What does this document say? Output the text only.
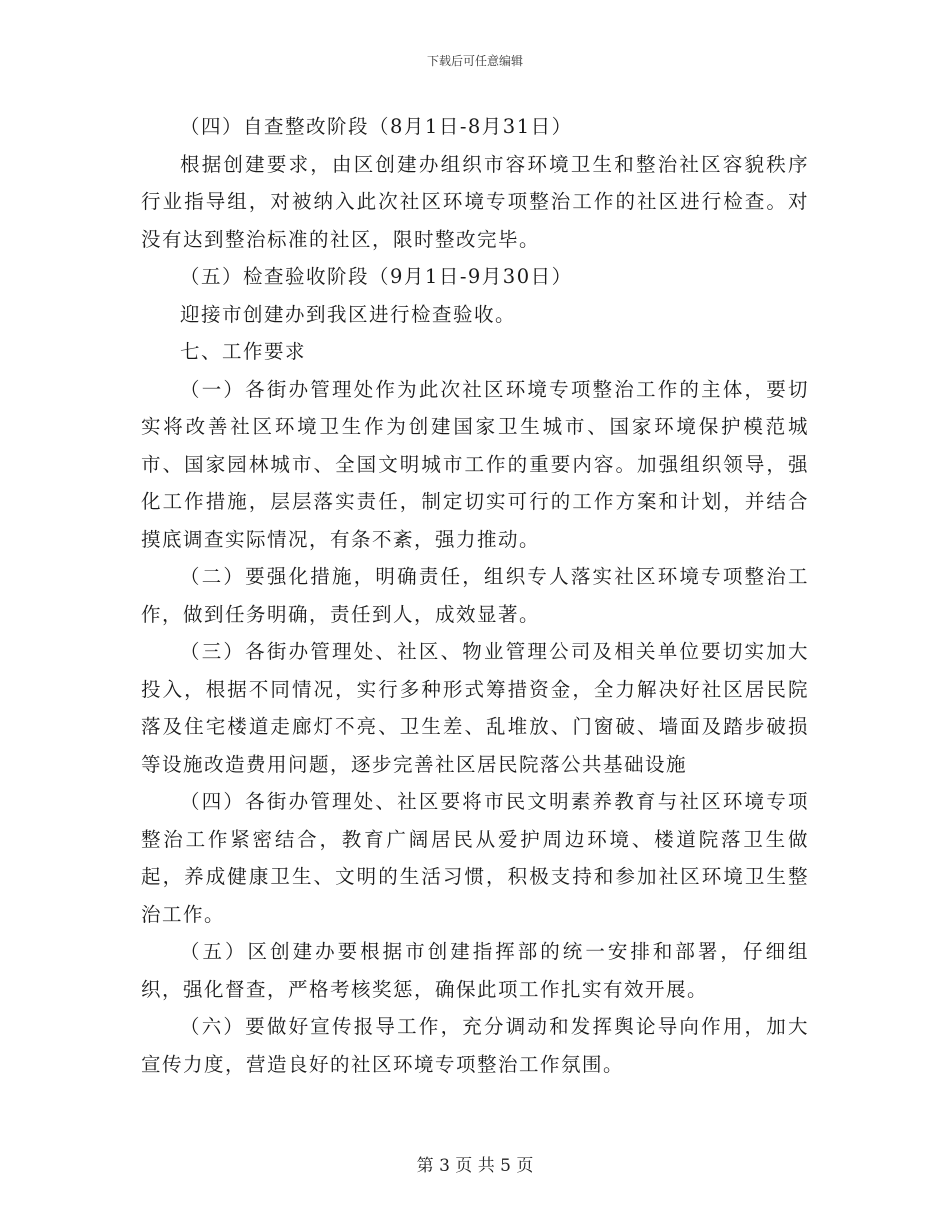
下载后可任意编辑

（四）自查整改阶段（8月1日-8月31日）

根据创建要求，由区创建办组织市容环境卫生和整治社区容貌秩序行业指导组，对被纳入此次社区环境专项整治工作的社区进行检查。对没有达到整治标准的社区，限时整改完毕。

（五）检查验收阶段（9月1日-9月30日）

迎接市创建办到我区进行检查验收。

七、工作要求

（一）各街办管理处作为此次社区环境专项整治工作的主体，要切实将改善社区环境卫生作为创建国家卫生城市、国家环境保护模范城市、国家园林城市、全国文明城市工作的重要内容。加强组织领导，强化工作措施，层层落实责任，制定切实可行的工作方案和计划，并结合摸底调查实际情况，有条不紊，强力推动。

（二）要强化措施，明确责任，组织专人落实社区环境专项整治工作，做到任务明确，责任到人，成效显著。

（三）各街办管理处、社区、物业管理公司及相关单位要切实加大投入，根据不同情况，实行多种形式筹措资金，全力解决好社区居民院落及住宅楼道走廊灯不亮、卫生差、乱堆放、门窗破、墙面及踏步破损等设施改造费用问题，逐步完善社区居民院落公共基础设施

（四）各街办管理处、社区要将市民文明素养教育与社区环境专项整治工作紧密结合，教育广阔居民从爱护周边环境、楼道院落卫生做起，养成健康卫生、文明的生活习惯，积极支持和参加社区环境卫生整治工作。

（五）区创建办要根据市创建指挥部的统一安排和部署，仔细组织，强化督查，严格考核奖惩，确保此项工作扎实有效开展。

（六）要做好宣传报导工作，充分调动和发挥舆论导向作用，加大宣传力度，营造良好的社区环境专项整治工作氛围。

第 3 页 共 5 页
